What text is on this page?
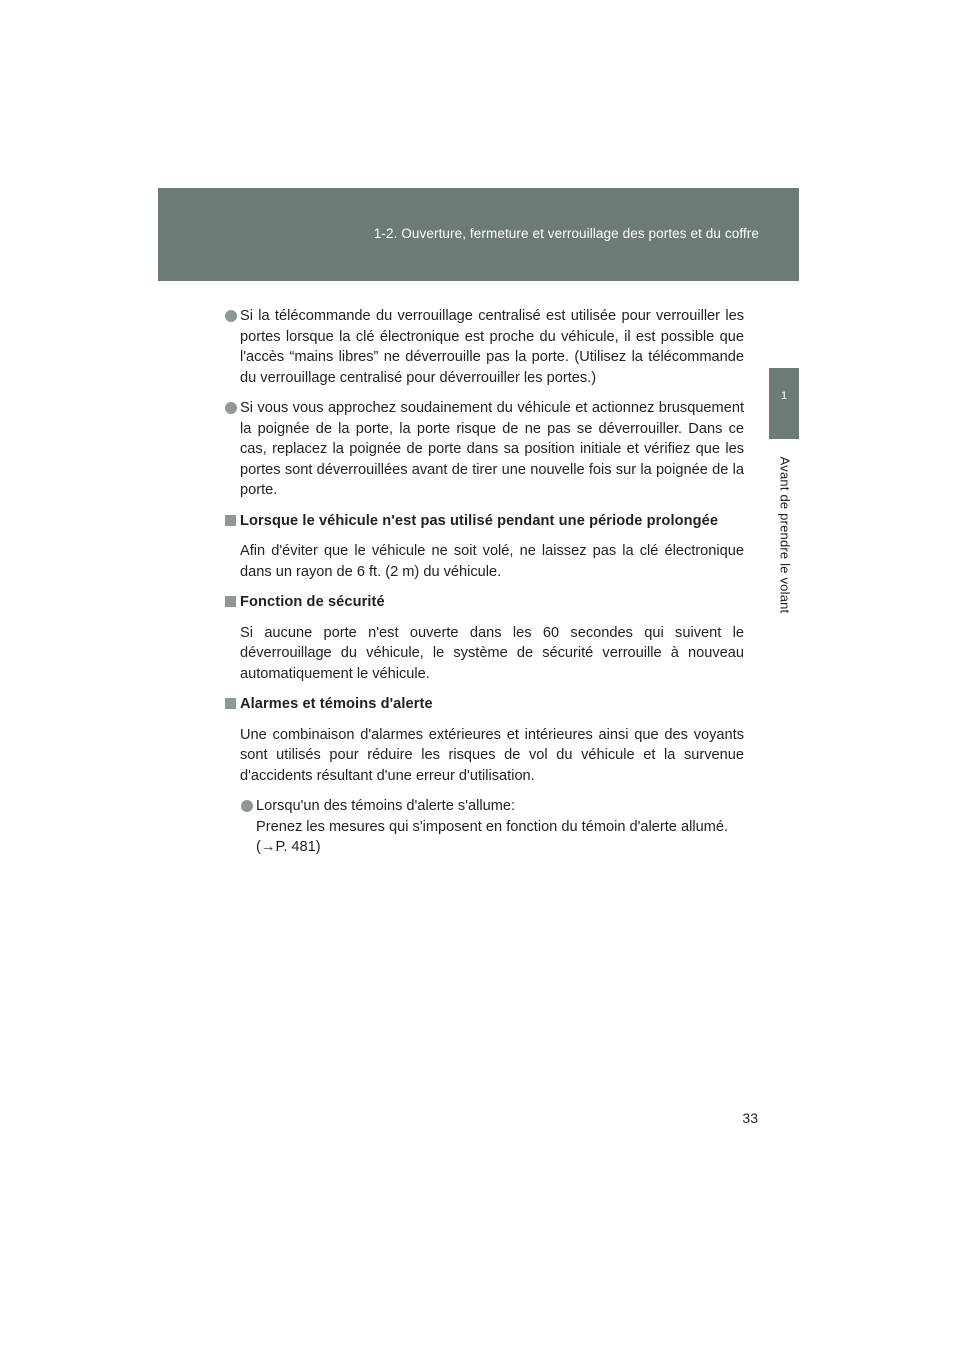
1-2. Ouverture, fermeture et verrouillage des portes et du coffre
1
Avant de prendre le volant

Si la télécommande du verrouillage centralisé est utilisée pour verrouiller les portes lorsque la clé électronique est proche du véhicule, il est possible que l'accès “mains libres” ne déverrouille pas la porte. (Utilisez la télécommande du verrouillage centralisé pour déverrouiller les portes.)

Si vous vous approchez soudainement du véhicule et actionnez brusquement la poignée de la porte, la porte risque de ne pas se déverrouiller. Dans ce cas, replacez la poignée de porte dans sa position initiale et vérifiez que les portes sont déverrouillées avant de tirer une nouvelle fois sur la poignée de la porte.

Lorsque le véhicule n'est pas utilisé pendant une période prolongée

Afin d'éviter que le véhicule ne soit volé, ne laissez pas la clé électronique dans un rayon de 6 ft. (2 m) du véhicule.

Fonction de sécurité

Si aucune porte n'est ouverte dans les 60 secondes qui suivent le déverrouillage du véhicule, le système de sécurité verrouille à nouveau automatiquement le véhicule.

Alarmes et témoins d'alerte

Une combinaison d'alarmes extérieures et intérieures ainsi que des voyants sont utilisés pour réduire les risques de vol du véhicule et la survenue d'accidents résultant d'une erreur d'utilisation.

Lorsqu'un des témoins d'alerte s'allume:

Prenez les mesures qui s'imposent en fonction du témoin d'alerte allumé.

(→P. 481)

33
